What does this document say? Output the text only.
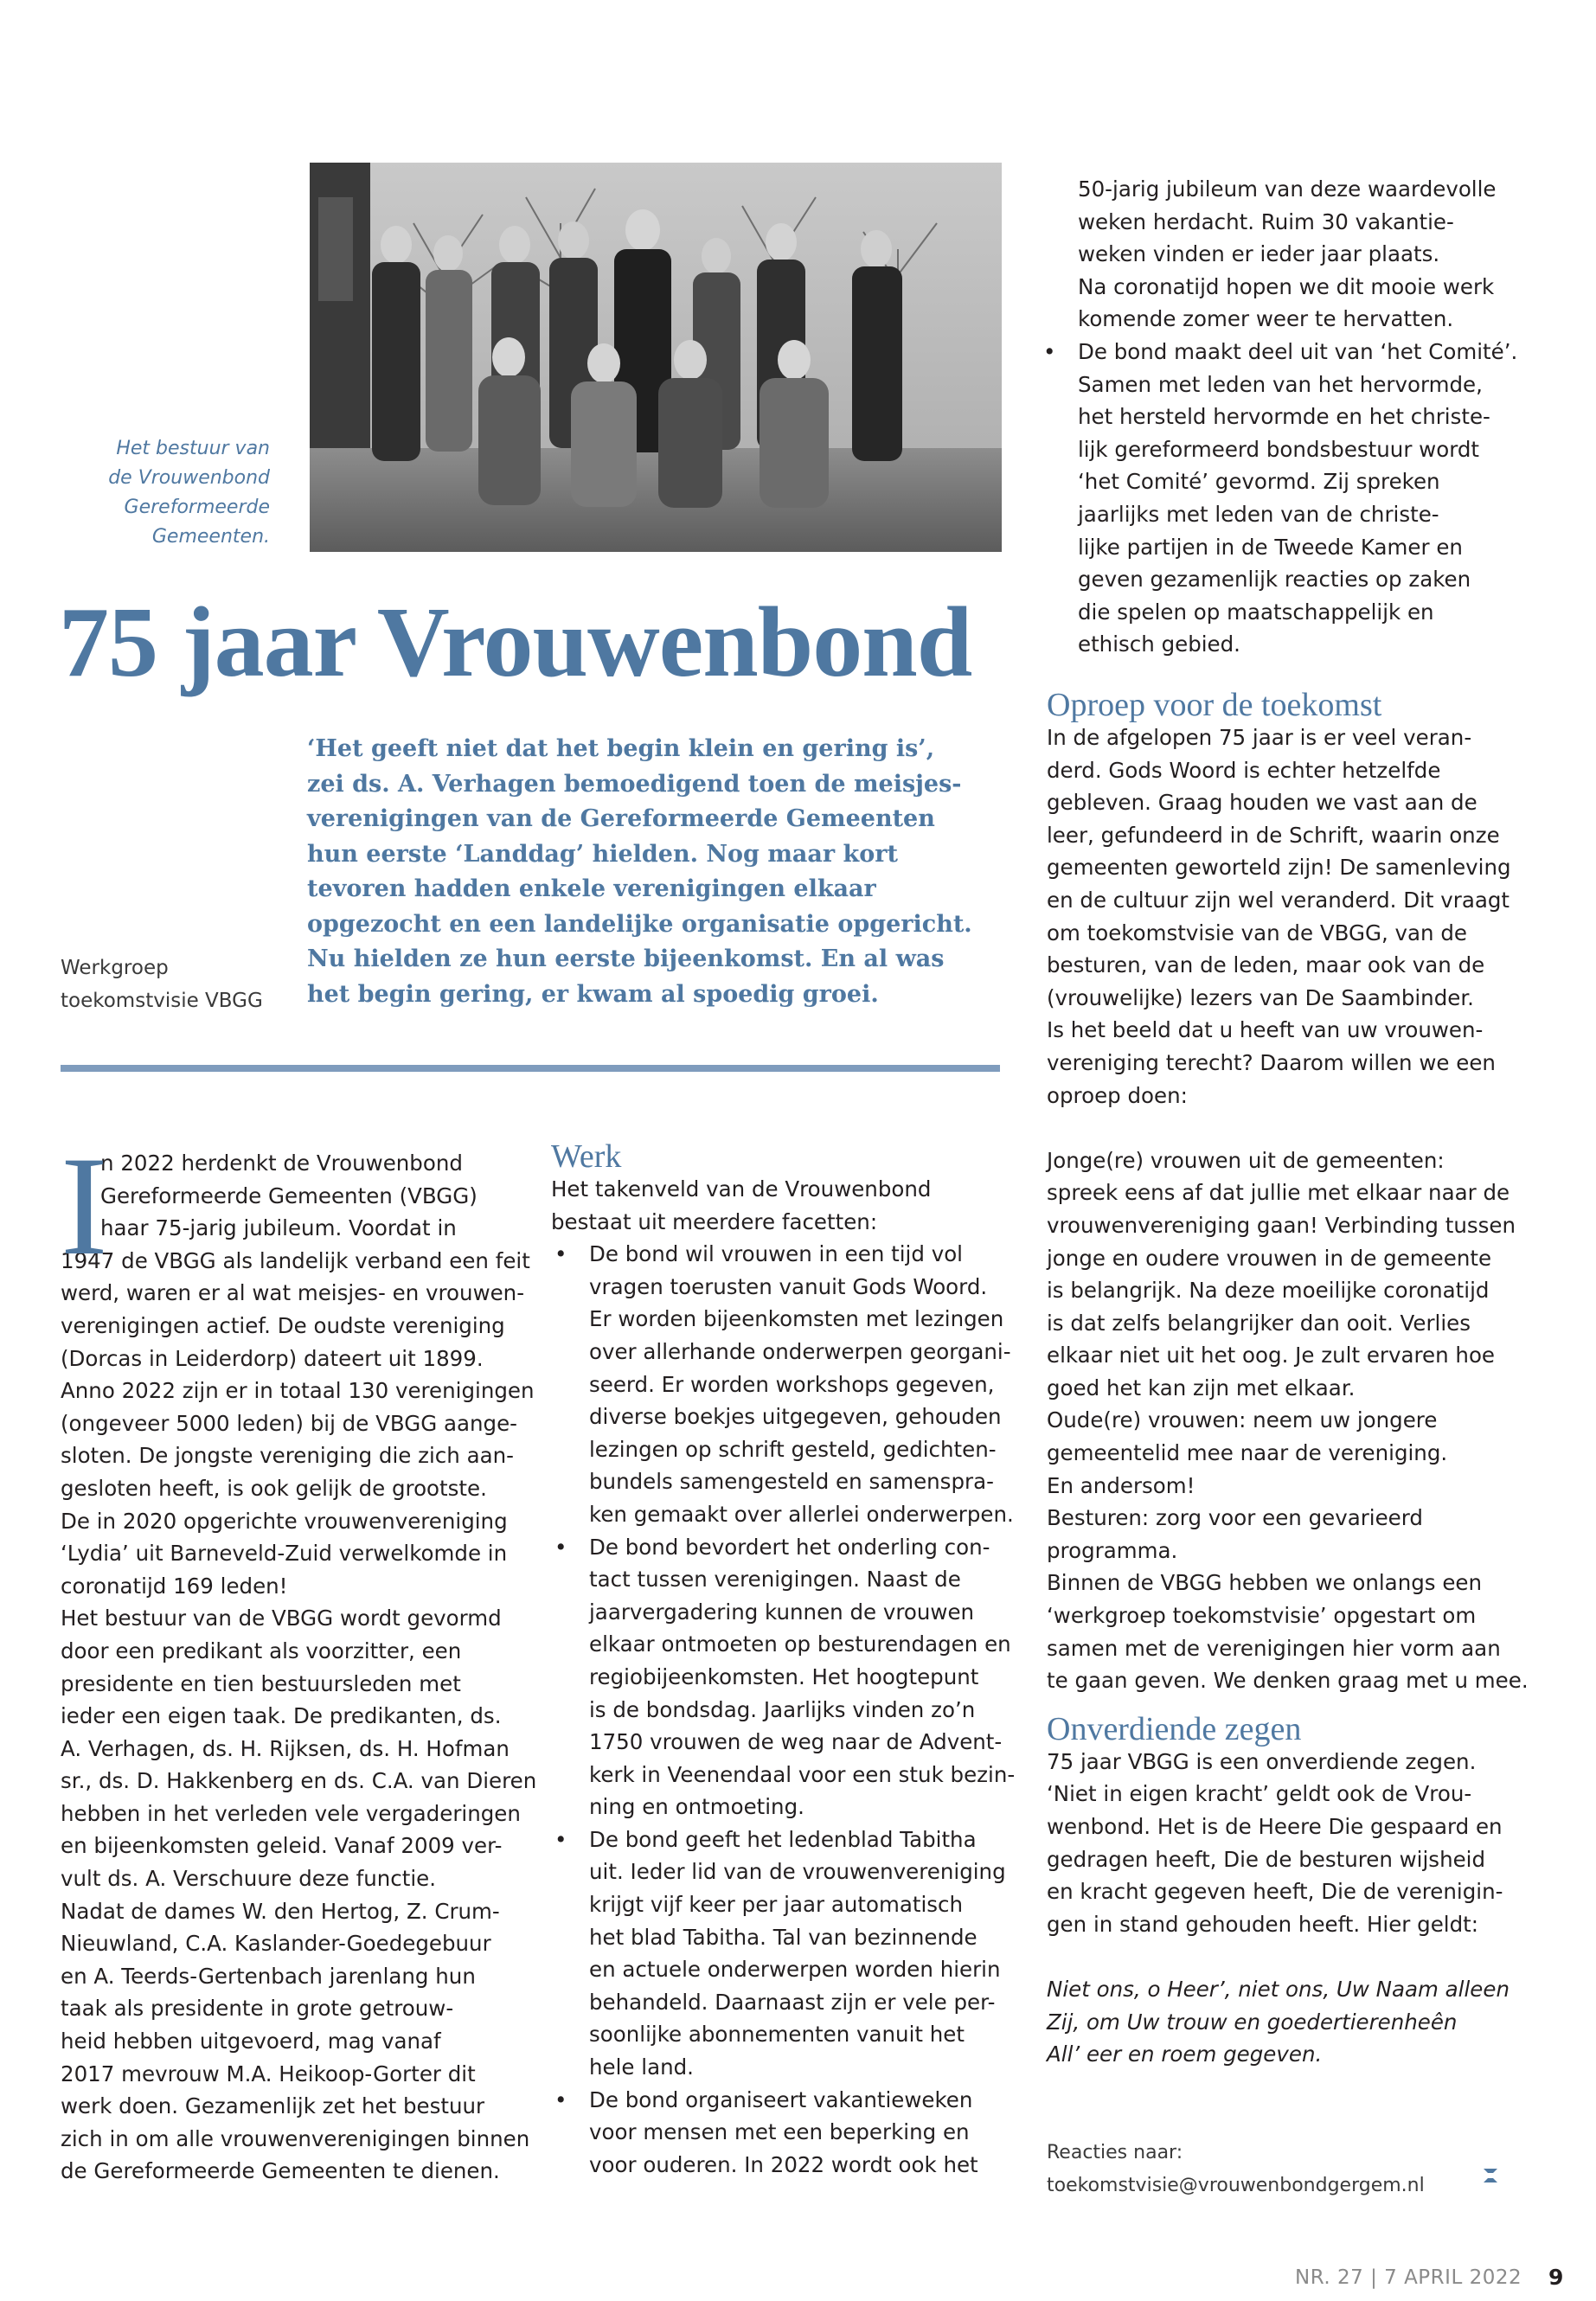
Het bestuur van
de Vrouwenbond
Gereformeerde
Gemeenten.
75 jaar Vrouwenbond
‘Het geeft niet dat het begin klein en gering is’,
zei ds. A. Verhagen bemoedigend toen de meisjes-
verenigingen van de Gereformeerde Gemeenten
hun eerste ‘Landdag’ hielden. Nog maar kort
tevoren hadden enkele verenigingen elkaar
opgezocht en een landelijke organisatie opgericht.
Nu hielden ze hun eerste bijeenkomst. En al was
het begin gering, er kwam al spoedig groei.
Werkgroep
toekomstvisie VBGG
I
n 2022 herdenkt de Vrouwenbond
Gereformeerde Gemeenten (VBGG)
haar 75-jarig jubileum. Voordat in
1947 de VBGG als landelijk verband een feit
werd, waren er al wat meisjes- en vrouwen-
verenigingen actief. De oudste vereniging
(Dorcas in Leiderdorp) dateert uit 1899.
Anno 2022 zijn er in totaal 130 verenigingen
(ongeveer 5000 leden) bij de VBGG aange-
sloten. De jongste vereniging die zich aan-
gesloten heeft, is ook gelijk de grootste.
De in 2020 opgerichte vrouwenvereniging
‘Lydia’ uit Barneveld-Zuid verwelkomde in
coronatijd 169 leden!
Het bestuur van de VBGG wordt gevormd
door een predikant als voorzitter, een
presidente en tien bestuursleden met
ieder een eigen taak. De predikanten, ds.
A. Verhagen, ds. H. Rijksen, ds. H. Hofman
sr., ds. D. Hakkenberg en ds. C.A. van Dieren
hebben in het verleden vele vergaderingen
en bijeenkomsten geleid. Vanaf 2009 ver-
vult ds. A. Verschuure deze functie.
Nadat de dames W. den Hertog, Z. Crum-
Nieuwland, C.A. Kaslander-Goedegebuur
en A. Teerds-Gertenbach jarenlang hun
taak als presidente in grote getrouw-
heid hebben uitgevoerd, mag vanaf
2017 mevrouw M.A. Heikoop-Gorter dit
werk doen. Gezamenlijk zet het bestuur
zich in om alle vrouwenverenigingen binnen
de Gereformeerde Gemeenten te dienen.
Werk
Het takenveld van de Vrouwenbond
bestaat uit meerdere facetten:
• De bond wil vrouwen in een tijd vol
vragen toerusten vanuit Gods Woord.
Er worden bijeenkomsten met lezingen
over allerhande onderwerpen georgani-
seerd. Er worden workshops gegeven,
diverse boekjes uitgegeven, gehouden
lezingen op schrift gesteld, gedichten-
bundels samengesteld en samenspra-
ken gemaakt over allerlei onderwerpen.
• De bond bevordert het onderling con-
tact tussen verenigingen. Naast de
jaarvergadering kunnen de vrouwen
elkaar ontmoeten op besturendagen en
regiobijeenkomsten. Het hoogtepunt
is de bondsdag. Jaarlijks vinden zo’n
1750 vrouwen de weg naar de Advent-
kerk in Veenendaal voor een stuk bezin-
ning en ontmoeting.
• De bond geeft het ledenblad Tabitha
uit. Ieder lid van de vrouwenvereniging
krijgt vijf keer per jaar automatisch
het blad Tabitha. Tal van bezinnende
en actuele onderwerpen worden hierin
behandeld. Daarnaast zijn er vele per-
soonlijke abonnementen vanuit het
hele land.
• De bond organiseert vakantieweken
voor mensen met een beperking en
voor ouderen. In 2022 wordt ook het
50-jarig jubileum van deze waardevolle
weken herdacht. Ruim 30 vakantie-
weken vinden er ieder jaar plaats.
Na coronatijd hopen we dit mooie werk
komende zomer weer te hervatten.
• De bond maakt deel uit van ‘het Comité’.
Samen met leden van het hervormde,
het hersteld hervormde en het christe-
lijk gereformeerd bondsbestuur wordt
‘het Comité’ gevormd. Zij spreken
jaarlijks met leden van de christe-
lijke partijen in de Tweede Kamer en
geven gezamenlijk reacties op zaken
die spelen op maatschappelijk en
ethisch gebied.
Oproep voor de toekomst
In de afgelopen 75 jaar is er veel veran-
derd. Gods Woord is echter hetzelfde
gebleven. Graag houden we vast aan de
leer, gefundeerd in de Schrift, waarin onze
gemeenten geworteld zijn! De samenleving
en de cultuur zijn wel veranderd. Dit vraagt
om toekomstvisie van de VBGG, van de
besturen, van de leden, maar ook van de
(vrouwelijke) lezers van De Saambinder.
Is het beeld dat u heeft van uw vrouwen-
vereniging terecht? Daarom willen we een
oproep doen:
Jonge(re) vrouwen uit de gemeenten:
spreek eens af dat jullie met elkaar naar de
vrouwenvereniging gaan! Verbinding tussen
jonge en oudere vrouwen in de gemeente
is belangrijk. Na deze moeilijke coronatijd
is dat zelfs belangrijker dan ooit. Verlies
elkaar niet uit het oog. Je zult ervaren hoe
goed het kan zijn met elkaar.
Oude(re) vrouwen: neem uw jongere
gemeentelid mee naar de vereniging.
En andersom!
Besturen: zorg voor een gevarieerd
programma.
Binnen de VBGG hebben we onlangs een
‘werkgroep toekomstvisie’ opgestart om
samen met de verenigingen hier vorm aan
te gaan geven. We denken graag met u mee.
Onverdiende zegen
75 jaar VBGG is een onverdiende zegen.
‘Niet in eigen kracht’ geldt ook de Vrou-
wenbond. Het is de Heere Die gespaard en
gedragen heeft, Die de besturen wijsheid
en kracht gegeven heeft, Die de verenigin-
gen in stand gehouden heeft. Hier geldt:
Niet ons, o Heer’, niet ons, Uw Naam alleen
Zij, om Uw trouw en goedertierenheên
All’ eer en roem gegeven.
Reacties naar:
toekomstvisie@vrouwenbondgergem.nl
NR. 27 | 7 APRIL 2022 9
